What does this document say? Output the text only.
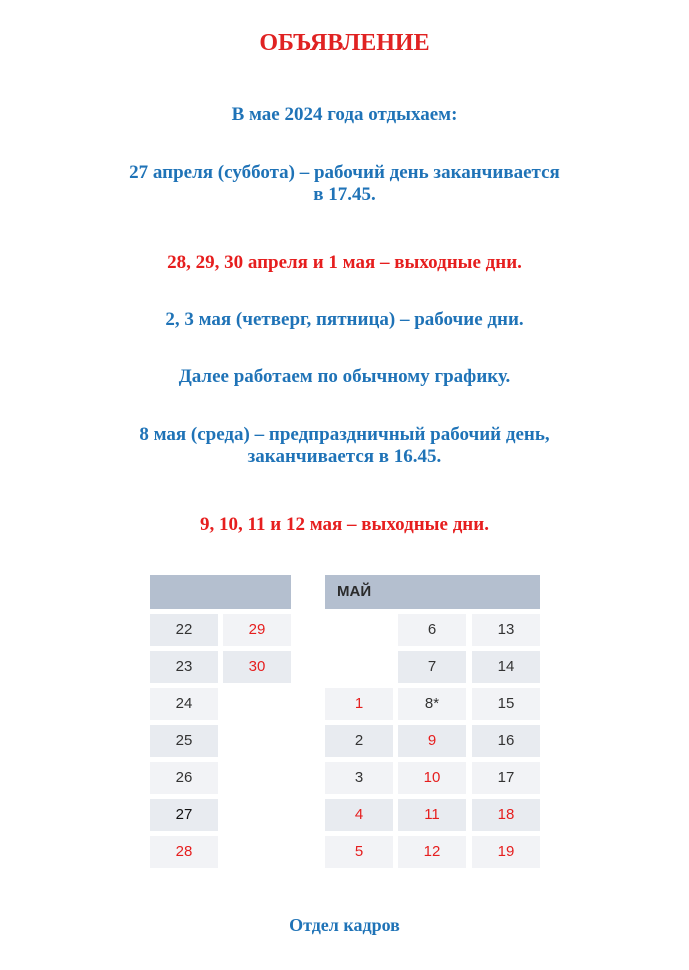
ОБЪЯВЛЕНИЕ

В мае 2024 года отдыхаем:

27 апреля (суббота) – рабочий день заканчивается

в 17.45.

28, 29, 30 апреля и 1 мая – выходные дни.

2, 3 мая (четверг, пятница) – рабочие дни.

Далее работаем по обычному графику.

8 мая (среда) – предпраздничный рабочий день,

заканчивается в 16.45.

9, 10, 11 и 12 мая – выходные дни.

22
23
24
25
26
27
28
29
30
МАЙ
1
2
3
4
5
6
7
8*
9
10
11
12
13
14
15
16
17
18
19

Отдел кадров
